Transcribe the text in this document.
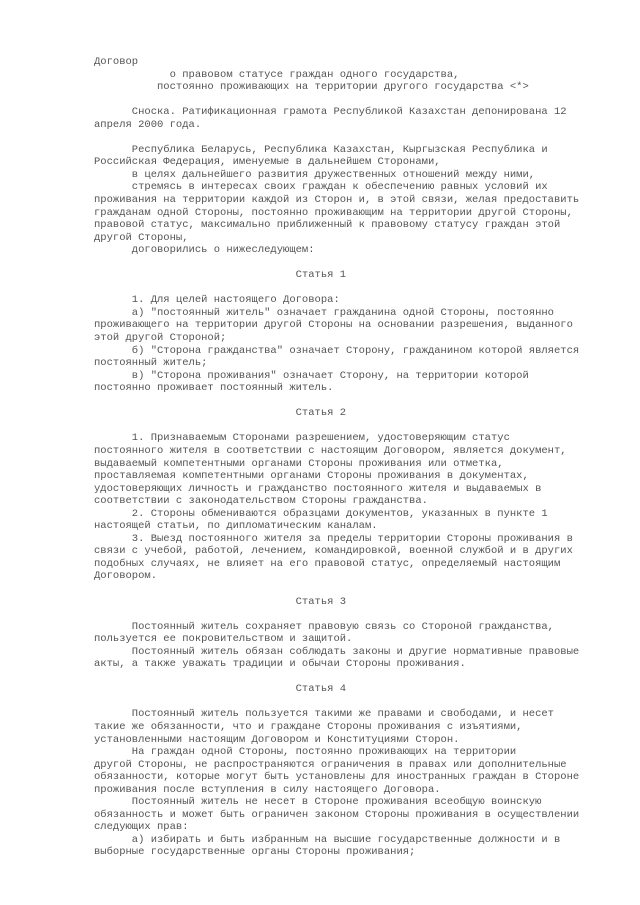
Договор
о правовом статусе граждан одного государства,
постоянно проживающих на территории другого государства <*>

Сноска. Ратификационная грамота Республикой Казахстан депонирована 12
апреля 2000 года.

Республика Беларусь, Республика Казахстан, Кыргызская Республика и
Российская Федерация, именуемые в дальнейшем Сторонами,
в целях дальнейшего развития дружественных отношений между ними,
стремясь в интересах своих граждан к обеспечению равных условий их
проживания на территории каждой из Сторон и, в этой связи, желая предоставить
гражданам одной Стороны, постоянно проживающим на территории другой Стороны,
правовой статус, максимально приближенный к правовому статусу граждан этой
другой Стороны,
договорились о нижеследующем:

Статья 1

1. Для целей настоящего Договора:
а) "постоянный житель" означает гражданина одной Стороны, постоянно
проживающего на территории другой Стороны на основании разрешения, выданного
этой другой Стороной;
б) "Сторона гражданства" означает Сторону, гражданином которой является
постоянный житель;
в) "Сторона проживания" означает Сторону, на территории которой
постоянно проживает постоянный житель.

Статья 2

1. Признаваемым Сторонами разрешением, удостоверяющим статус
постоянного жителя в соответствии с настоящим Договором, является документ,
выдаваемый компетентными органами Стороны проживания или отметка,
проставляемая компетентными органами Стороны проживания в документах,
удостоверяющих личность и гражданство постоянного жителя и выдаваемых в
соответствии с законодательством Стороны гражданства.
2. Стороны обмениваются образцами документов, указанных в пункте 1
настоящей статьи, по дипломатическим каналам.
3. Выезд постоянного жителя за пределы территории Стороны проживания в
связи с учебой, работой, лечением, командировкой, военной службой и в других
подобных случаях, не влияет на его правовой статус, определяемый настоящим
Договором.

Статья 3

Постоянный житель сохраняет правовую связь со Стороной гражданства,
пользуется ее покровительством и защитой.
Постоянный житель обязан соблюдать законы и другие нормативные правовые
акты, а также уважать традиции и обычаи Стороны проживания.

Статья 4

Постоянный житель пользуется такими же правами и свободами, и несет
такие же обязанности, что и граждане Стороны проживания с изъятиями,
установленными настоящим Договором и Конституциями Сторон.
На граждан одной Стороны, постоянно проживающих на территории
другой Стороны, не распространяются ограничения в правах или дополнительные
обязанности, которые могут быть установлены для иностранных граждан в Стороне
проживания после вступления в силу настоящего Договора.
Постоянный житель не несет в Стороне проживания всеобщую воинскую
обязанность и может быть ограничен законом Стороны проживания в осуществлении
следующих прав:
а) избирать и быть избранным на высшие государственные должности и в
выборные государственные органы Стороны проживания;
